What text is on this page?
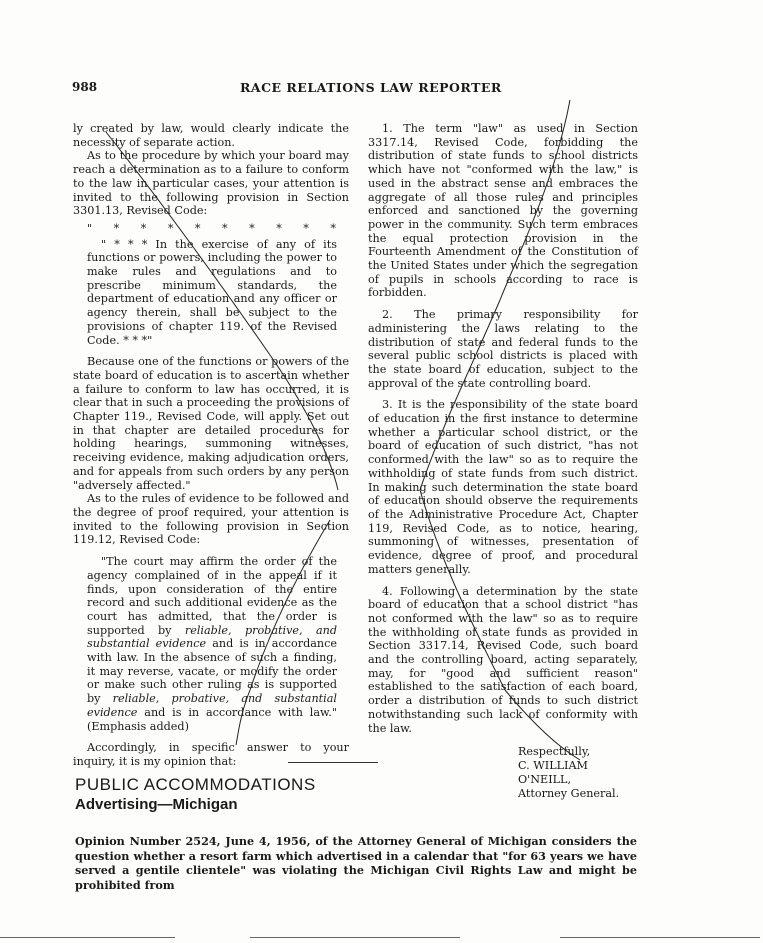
988	RACE RELATIONS LAW REPORTER

ly created by law, would clearly indicate the necessity of separate action.

As to the procedure by which your board may reach a determination as to a failure to conform to the law in particular cases, your attention is invited to the following provision in Section 3301.13, Revised Code:

" * * * * * * * * *

" * * * In the exercise of any of its functions or powers, including the power to make rules and regulations and to prescribe minimum standards, the department of education and any officer or agency therein, shall be subject to the provisions of chapter 119. of the Revised Code. * * *"

Because one of the functions or powers of the state board of education is to ascertain whether a failure to conform to law has occurred, it is clear that in such a proceeding the provisions of Chapter 119., Revised Code, will apply. Set out in that chapter are detailed procedures for holding hearings, summoning witnesses, receiving evidence, making adjudication orders, and for appeals from such orders by any person "adversely affected."

As to the rules of evidence to be followed and the degree of proof required, your attention is invited to the following provision in Section 119.12, Revised Code:

"The court may affirm the order of the agency complained of in the appeal if it finds, upon consideration of the entire record and such additional evidence as the court has admitted, that the order is supported by reliable, probative, and substantial evidence and is in accordance with law. In the absence of such a finding, it may reverse, vacate, or modify the order or make such other ruling as is supported by reliable, probative, and substantial evidence and is in accordance with law." (Emphasis added)

Accordingly, in specific answer to your inquiry, it is my opinion that:

1. The term "law" as used in Section 3317.14, Revised Code, forbidding the distribution of state funds to school districts which have not "conformed with the law," is used in the abstract sense and embraces the aggregate of all those rules and principles enforced and sanctioned by the governing power in the community. Such term embraces the equal protection provision in the Fourteenth Amendment of the Constitution of the United States under which the segregation of pupils in schools according to race is forbidden.

2. The primary responsibility for administering the laws relating to the distribution of state and federal funds to the several public school districts is placed with the state board of education, subject to the approval of the state controlling board.

3. It is the responsibility of the state board of education in the first instance to determine whether a particular school district, or the board of education of such district, "has not conformed with the law" so as to require the withholding of state funds from such district. In making such determination the state board of education should observe the requirements of the Administrative Procedure Act, Chapter 119, Revised Code, as to notice, hearing, summoning of witnesses, presentation of evidence, degree of proof, and procedural matters generally.

4. Following a determination by the state board of education that a school district "has not conformed with the law" so as to require the withholding of state funds as provided in Section 3317.14, Revised Code, such board and the controlling board, acting separately, may, for "good and sufficient reason" established to the satisfaction of each board, order a distribution of funds to such district notwithstanding such lack of conformity with the law.

Respectfully,
C. WILLIAM O'NEILL,
Attorney General.
PUBLIC ACCOMMODATIONS
Advertising—Michigan

Opinion Number 2524, June 4, 1956, of the Attorney General of Michigan considers the question whether a resort farm which advertised in a calendar that "for 63 years we have served a gentile clientele" was violating the Michigan Civil Rights Law and might be prohibited from
